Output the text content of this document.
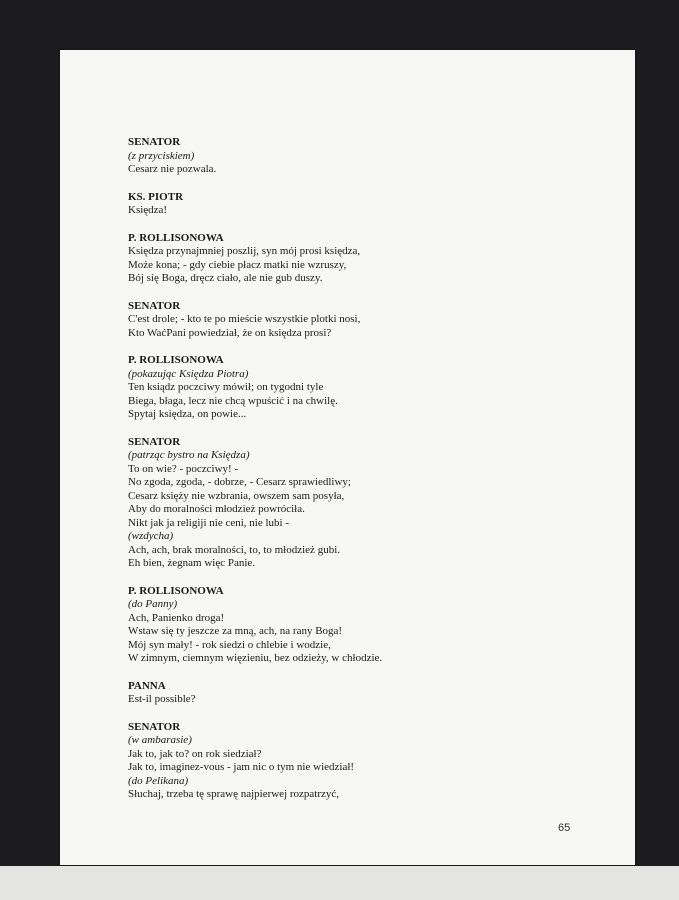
SENATOR
(z przyciskiem)
Cesarz nie pozwala.
KS. PIOTR
Księdza!
P. ROLLISONOWA
Księdza przynajmniej poszlij, syn mój prosi księdza,
Może kona; - gdy ciebie płacz matki nie wzruszy,
Bój się Boga, dręcz ciało, ale nie gub duszy.
SENATOR
C'est drole; - kto te po mieście wszystkie plotki nosi,
Kto WaćPani powiedział, że on księdza prosi?
P. ROLLISONOWA
(pokazując Księdza Piotra)
Ten ksiądz poczciwy mówił; on tygodni tyle
Biega, błaga, lecz nie chcą wpuścić i na chwilę.
Spytaj księdza, on powie...
SENATOR
(patrząc bystro na Księdza)
To on wie? - poczciwy! -
No zgoda, zgoda, - dobrze, - Cesarz sprawiedliwy;
Cesarz księży nie wzbrania, owszem sam posyła,
Aby do moralności młodzież powróciła.
Nikt jak ja religiji nie ceni, nie lubi -
(wzdycha)
Ach, ach, brak moralności, to, to młodzież gubi.
Eh bien, żegnam więc Panie.
P. ROLLISONOWA
(do Panny)
Ach, Panienko droga!
Wstaw się ty jeszcze za mną, ach, na rany Boga!
Mój syn mały! - rok siedzi o chlebie i wodzie,
W zimnym, ciemnym więzieniu, bez odzieży, w chłodzie.
PANNA
Est-il possible?
SENATOR
(w ambarasie)
Jak to, jak to? on rok siedział?
Jak to, imaginez-vous - jam nic o tym nie wiedział!
(do Pelikana)
Słuchaj, trzeba tę sprawę najpierwej rozpatrzyć,
65
